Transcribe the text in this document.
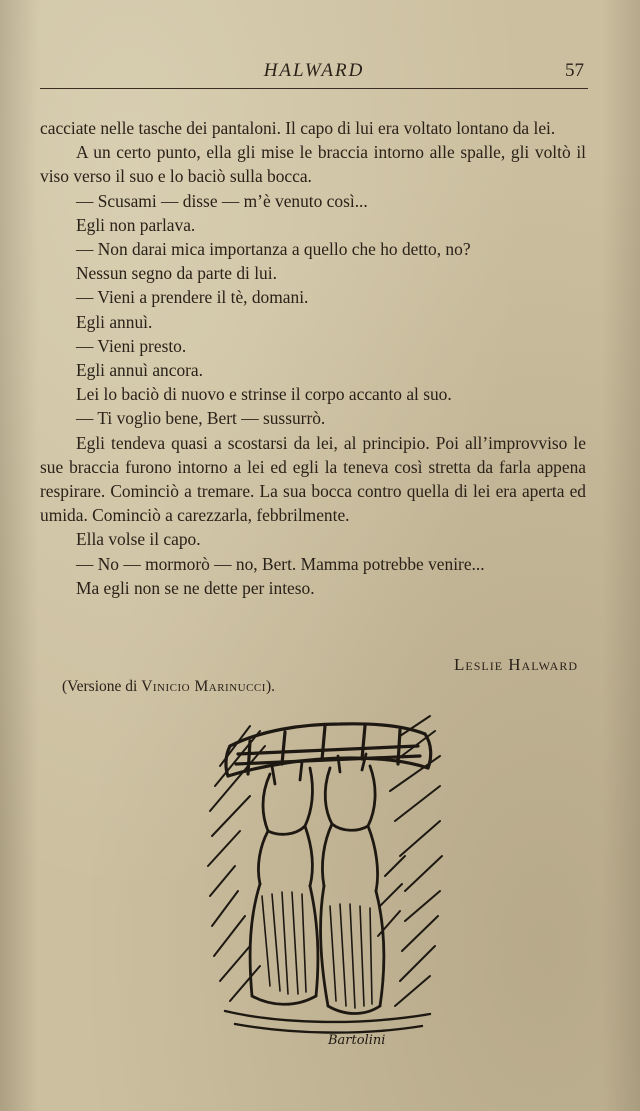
HALWARD	57

cacciate nelle tasche dei pantaloni. Il capo di lui era voltato lontano da lei.

A un certo punto, ella gli mise le braccia intorno alle spalle, gli voltò il viso verso il suo e lo baciò sulla bocca.

— Scusami — disse — m’è venuto così...

Egli non parlava.

— Non darai mica importanza a quello che ho detto, no?

Nessun segno da parte di lui.

— Vieni a prendere il tè, domani.

Egli annuì.

— Vieni presto.

Egli annuì ancora.

Lei lo baciò di nuovo e strinse il corpo accanto al suo.

— Ti voglio bene, Bert — sussurrò.

Egli tendeva quasi a scostarsi da lei, al principio. Poi all’improvviso le sue braccia furono intorno a lei ed egli la teneva così stretta da farla appena respirare. Cominciò a tremare. La sua bocca contro quella di lei era aperta ed umida. Cominciò a carezzarla, febbrilmente.

Ella volse il capo.

— No — mormorò — no, Bert. Mamma potrebbe venire...

Ma egli non se ne dette per inteso.

Leslie Halward
(Versione di Vinicio Marinucci).
Bartolini
